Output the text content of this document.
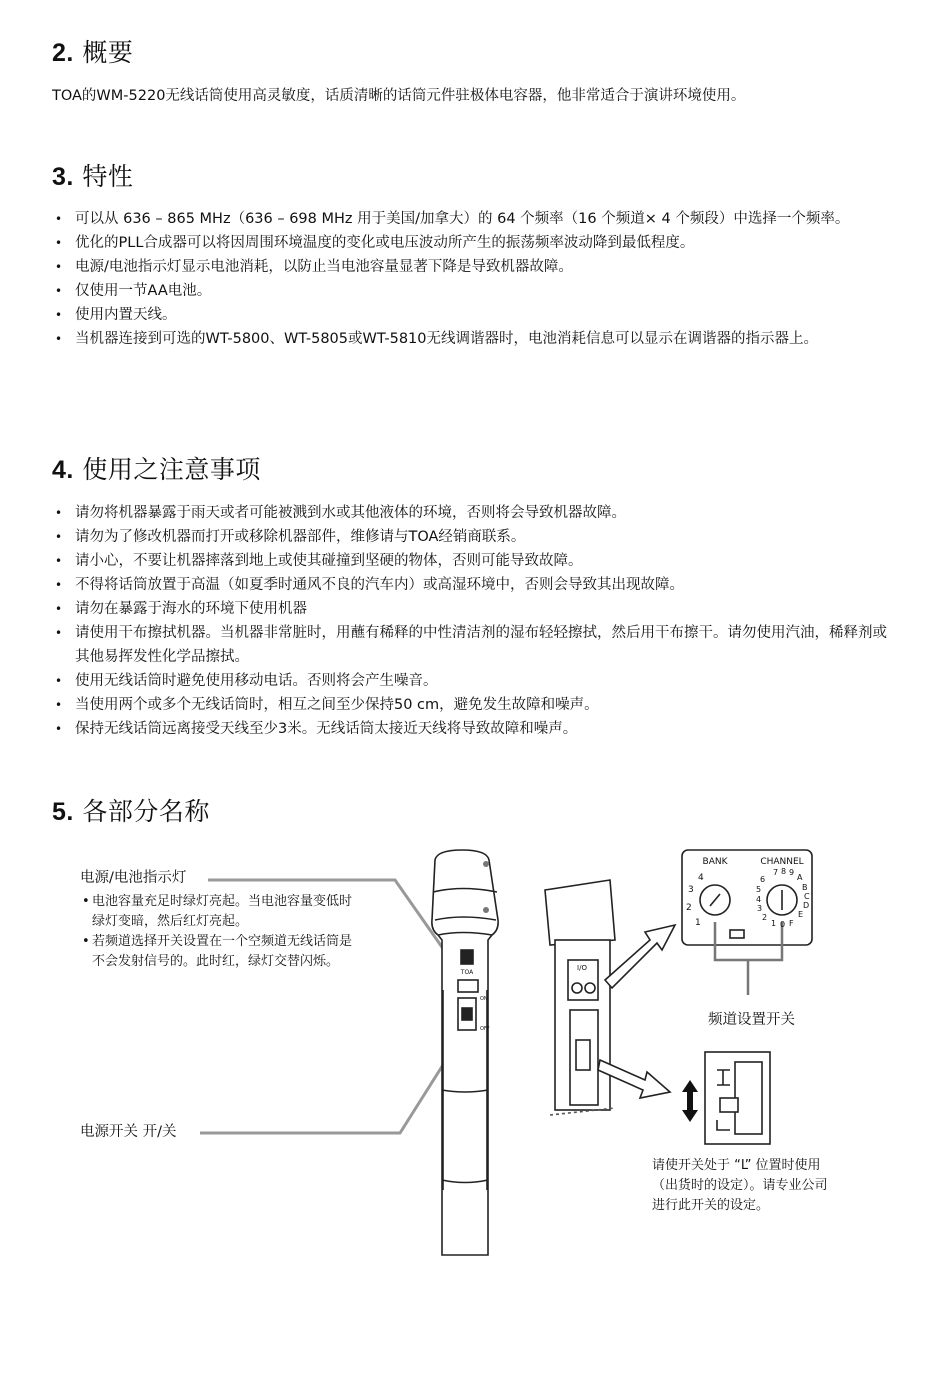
2. 概要

TOA的WM-5220无线话筒使用高灵敏度，话质清晰的话筒元件驻极体电容器，他非常适合于演讲环境使用。

3. 特性
• 可以从 636 – 865 MHz（636 – 698 MHz 用于美国/加拿大）的 64 个频率（16 个频道× 4 个频段）中选择一个频率。
• 优化的PLL合成器可以将因周围环境温度的变化或电压波动所产生的振荡频率波动降到最低程度。
• 电源/电池指示灯显示电池消耗，以防止当电池容量显著下降是导致机器故障。
• 仅使用一节AA电池。
• 使用内置天线。
• 当机器连接到可选的WT-5800、WT-5805或WT-5810无线调谐器时，电池消耗信息可以显示在调谐器的指示器上。
4. 使用之注意事项
• 请勿将机器暴露于雨天或者可能被溅到水或其他液体的环境，否则将会导致机器故障。
• 请勿为了修改机器而打开或移除机器部件，维修请与TOA经销商联系。
• 请小心，不要让机器摔落到地上或使其碰撞到坚硬的物体，否则可能导致故障。
• 不得将话筒放置于高温（如夏季时通风不良的汽车内）或高湿环境中，否则会导致其出现故障。
• 请勿在暴露于海水的环境下使用机器
• 请使用干布擦拭机器。当机器非常脏时，用蘸有稀释的中性清洁剂的湿布轻轻擦拭，然后用干布擦干。请勿使用汽油，稀释剂或其他易挥发性化学品擦拭。
• 使用无线话筒时避免使用移动电话。否则将会产生噪音。
• 当使用两个或多个无线话筒时，相互之间至少保持50 cm，避免发生故障和噪声。
• 保持无线话筒远离接受天线至少3米。无线话筒太接近天线将导致故障和噪声。
5. 各部分名称

电源/电池指示灯

• 电池容量充足时绿灯亮起。当电池容量变低时绿灯变暗，然后红灯亮起。
• 若频道选择开关设置在一个空频道无线话筒是不会发射信号的。此时红，绿灯交替闪烁。

电源开关 开/关

频道设置开关

请使开关处于 “L” 位置时使用（出货时的设定）。请专业公司进行此开关的设定。

TOA
ON
OFF
I/O
BANK	CHANNEL
4
3
2
1
7 8 9
A
6
B
5
C
4
D
3
E
2
1 0 F
